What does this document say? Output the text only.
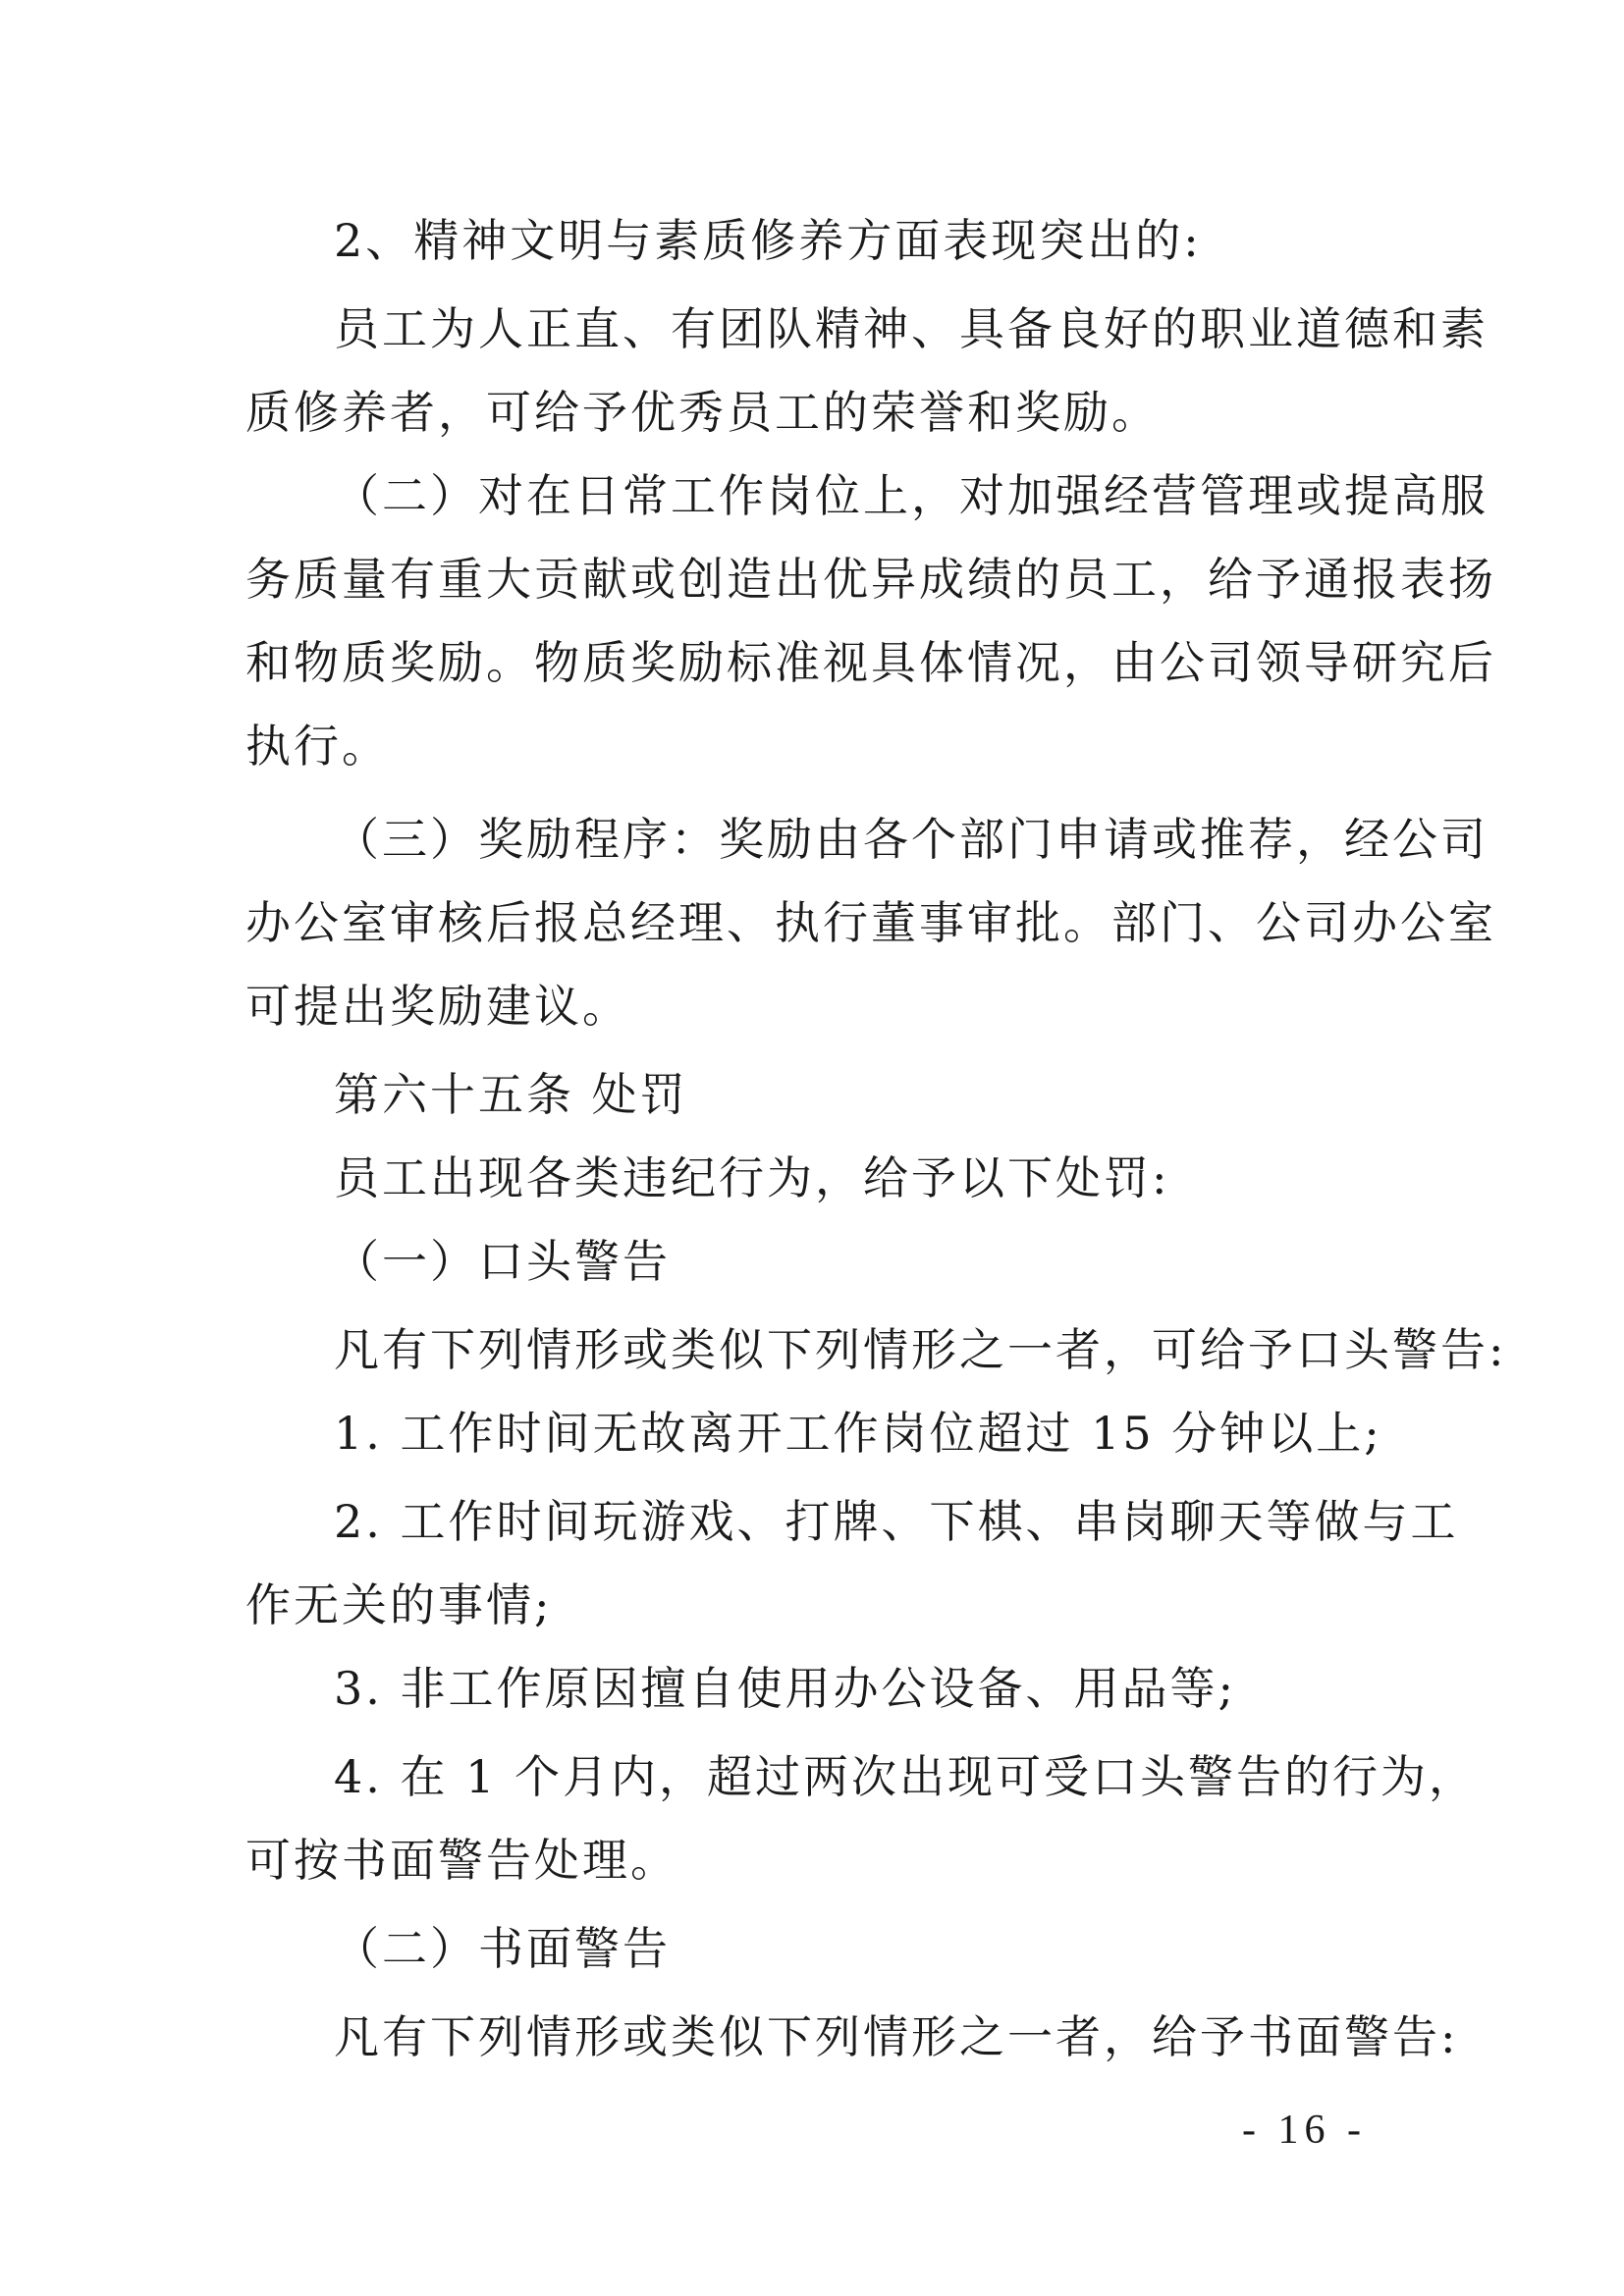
2、精神文明与素质修养方面表现突出的:
员工为人正直、有团队精神、具备良好的职业道德和素
质修养者，可给予优秀员工的荣誉和奖励。
（二）对在日常工作岗位上，对加强经营管理或提高服
务质量有重大贡献或创造出优异成绩的员工，给予通报表扬
和物质奖励。物质奖励标准视具体情况，由公司领导研究后
执行。
（三）奖励程序：奖励由各个部门申请或推荐，经公司
办公室审核后报总经理、执行董事审批。部门、公司办公室
可提出奖励建议。
第六十五条 处罚
员工出现各类违纪行为，给予以下处罚:
（一）口头警告
凡有下列情形或类似下列情形之一者，可给予口头警告:
1. 工作时间无故离开工作岗位超过 15 分钟以上;
2. 工作时间玩游戏、打牌、下棋、串岗聊天等做与工
作无关的事情;
3. 非工作原因擅自使用办公设备、用品等;
4. 在 1 个月内，超过两次出现可受口头警告的行为，
可按书面警告处理。
（二）书面警告
凡有下列情形或类似下列情形之一者，给予书面警告:
- 16 -
